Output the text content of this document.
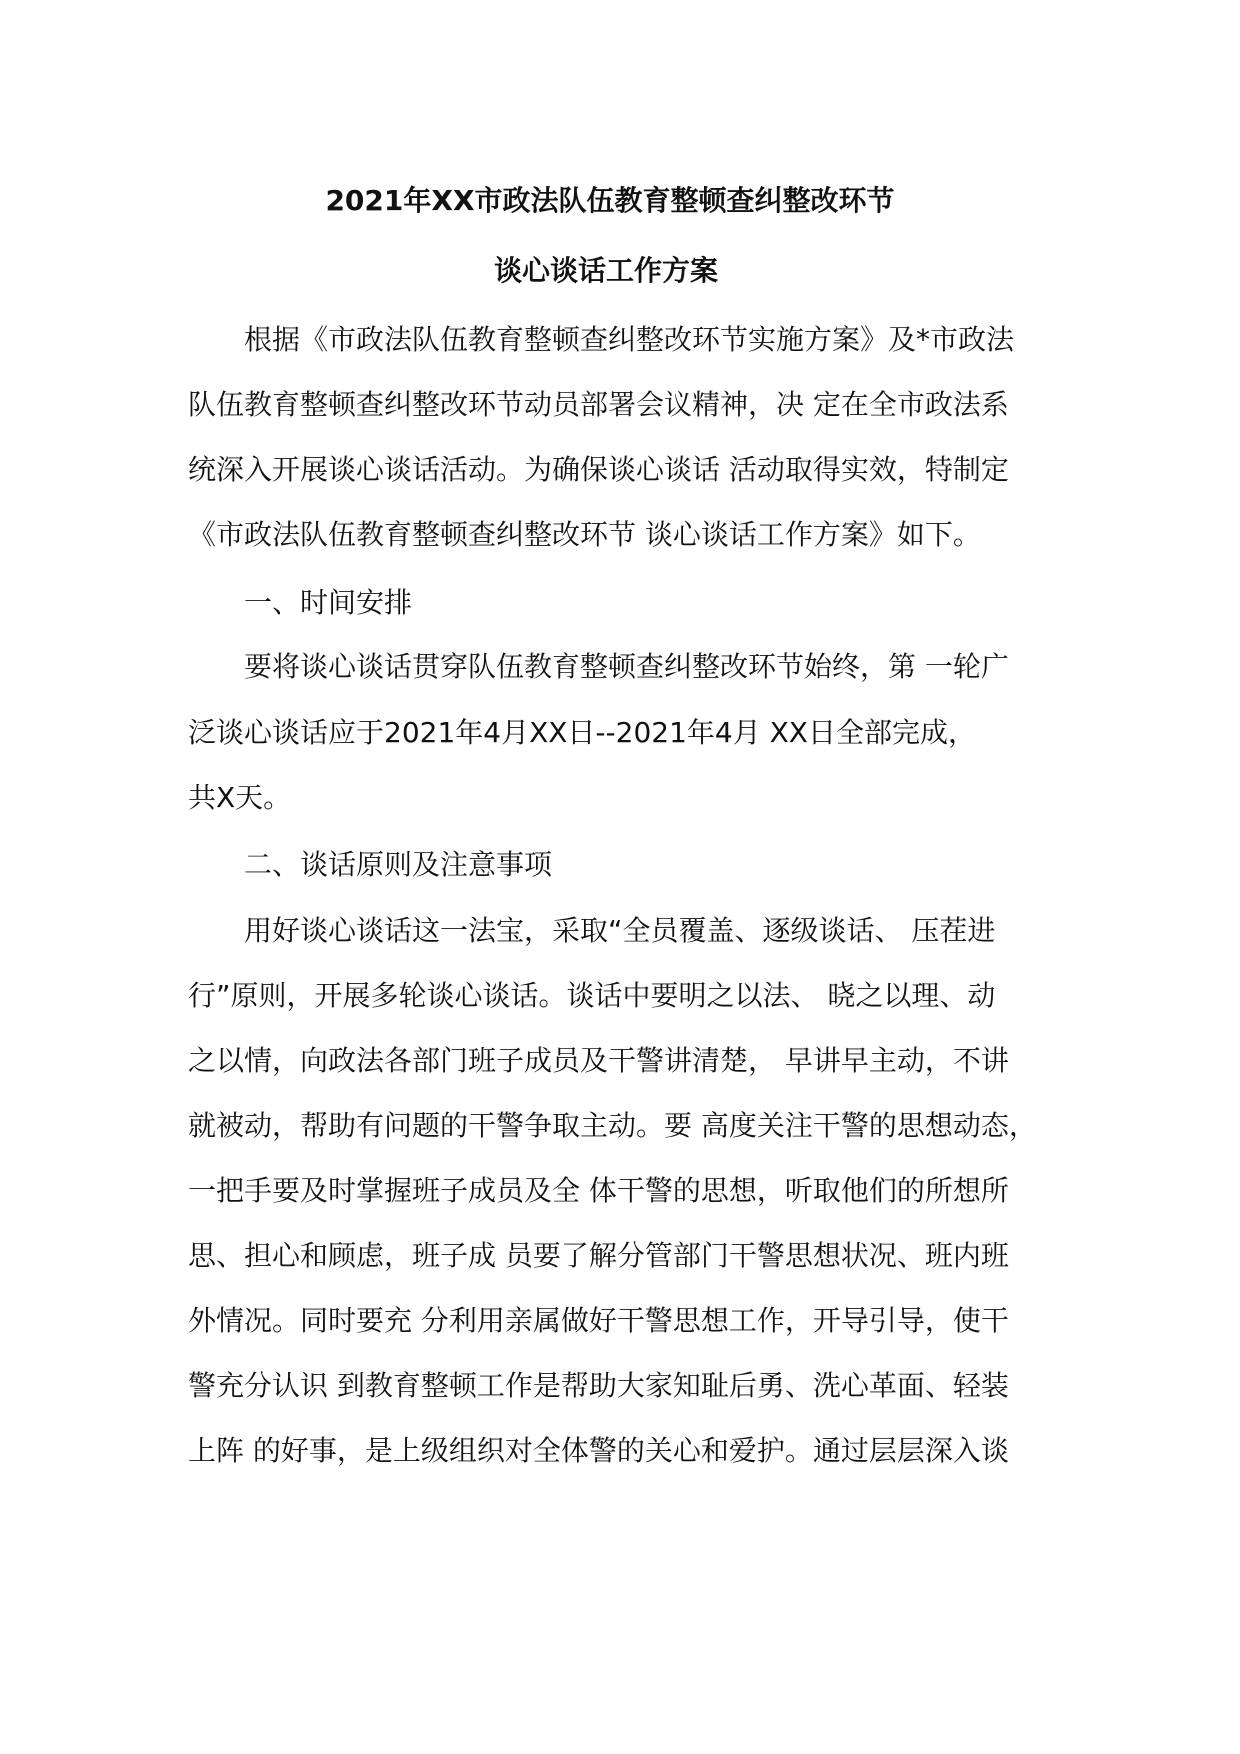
2021年XX市政法队伍教育整顿查纠整改环节
谈心谈话工作方案
根据《市政法队伍教育整顿查纠整改环节实施方案》及*市政法
队伍教育整顿查纠整改环节动员部署会议精神，决 定在全市政法系
统深入开展谈心谈话活动。为确保谈心谈话 活动取得实效，特制定
《市政法队伍教育整顿查纠整改环节 谈心谈话工作方案》如下。
一、时间安排
要将谈心谈话贯穿队伍教育整顿查纠整改环节始终，第 一轮广
泛谈心谈话应于2021年4月XX日--2021年4月 XX日全部完成，
共X天。
二、谈话原则及注意事项
用好谈心谈话这一法宝，采取“全员覆盖、逐级谈话、 压茬进
行”原则，开展多轮谈心谈话。谈话中要明之以法、 晓之以理、动
之以情，向政法各部门班子成员及干警讲清楚， 早讲早主动，不讲
就被动，帮助有问题的干警争取主动。要 高度关注干警的思想动态，
一把手要及时掌握班子成员及全 体干警的思想，听取他们的所想所
思、担心和顾虑，班子成 员要了解分管部门干警思想状况、班内班
外情况。同时要充 分利用亲属做好干警思想工作，开导引导，使干
警充分认识 到教育整顿工作是帮助大家知耻后勇、洗心革面、轻装
上阵 的好事，是上级组织对全体警的关心和爱护。通过层层深入谈
